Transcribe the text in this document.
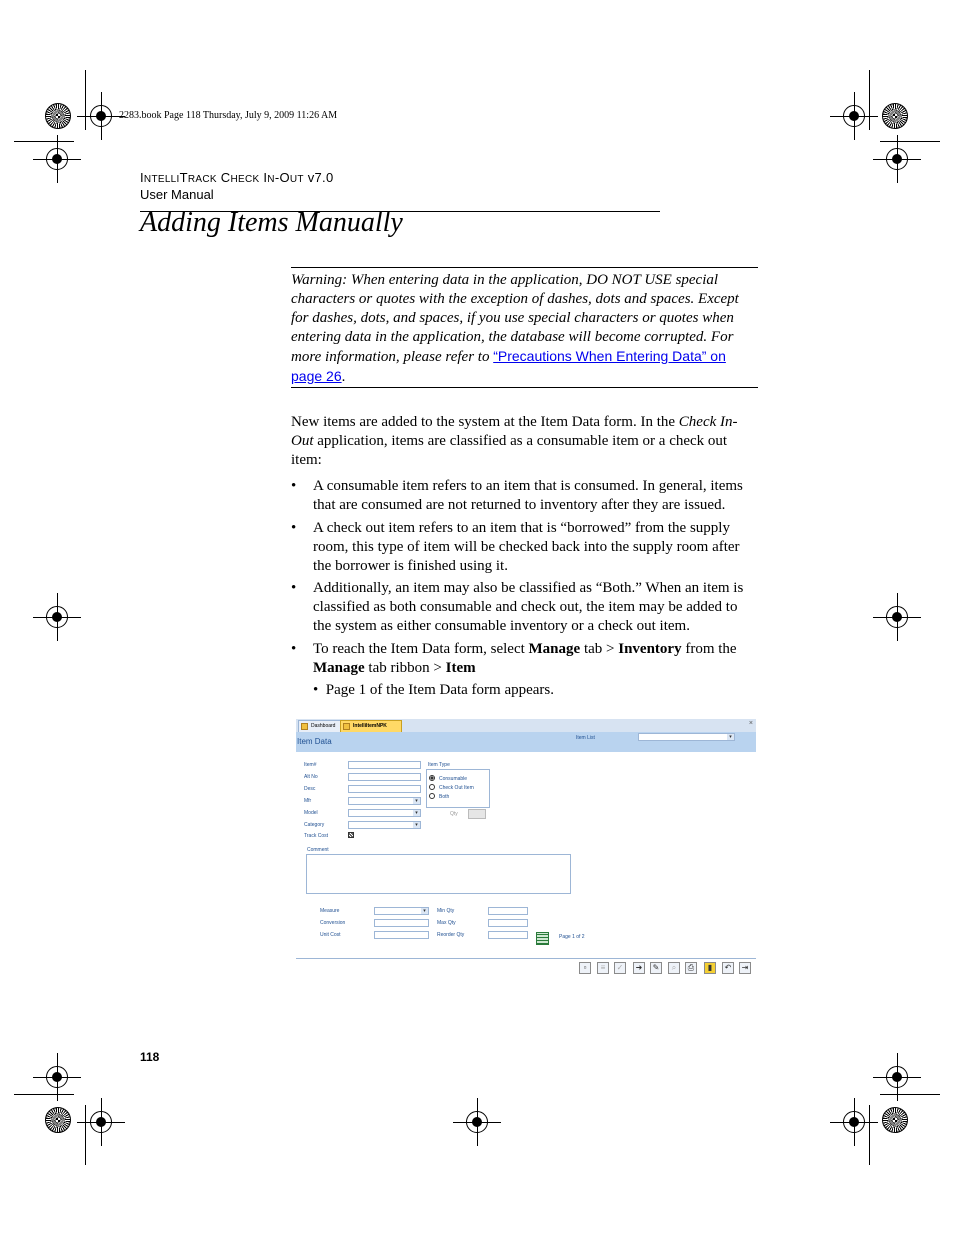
2283.book Page 118 Thursday, July 9, 2009 11:26 AM
INTELLITRACK CHECK IN-OUT v7.0
User Manual
Adding Items Manually
Warning: When entering data in the application, DO NOT USE special characters or quotes with the exception of dashes, dots and spaces. Except for dashes, dots, and spaces, if you use special characters or quotes when entering data in the application, the database will become corrupted. For more information, please refer to “Precautions When Entering Data” on page 26.
New items are added to the system at the Item Data form. In the Check In-Out application, items are classified as a consumable item or a check out item:
• A consumable item refers to an item that is consumed. In general, items that are consumed are not returned to inventory after they are issued.
• A check out item refers to an item that is “borrowed” from the supply room, this type of item will be checked back into the supply room after the borrower is finished using it.
• Additionally, an item may also be classified as “Both.” When an item is classified as both consumable and check out, the item may be added to the system as either consumable inventory or a check out item.
• To reach the Item Data form, select Manage tab > Inventory from the Manage tab ribbon > Item
• Page 1 of the Item Data form appears.
Dashboard	IntelliItemNPK	×
Item Data	Item List	▾
Item#
Alt No
Desc
Mfr	▾
Model	▾
Category	▾
Track Cost
Item Type
Consumable
Check Out Item
Both
Qty
Comment
Measure	▾
Conversion
Unit Cost
Min Qty
Max Qty
Reorder Qty	Page 1 of 2
▫	≡	✓	➜	✎	⌕	⎙	▮	↶	⇥
118
